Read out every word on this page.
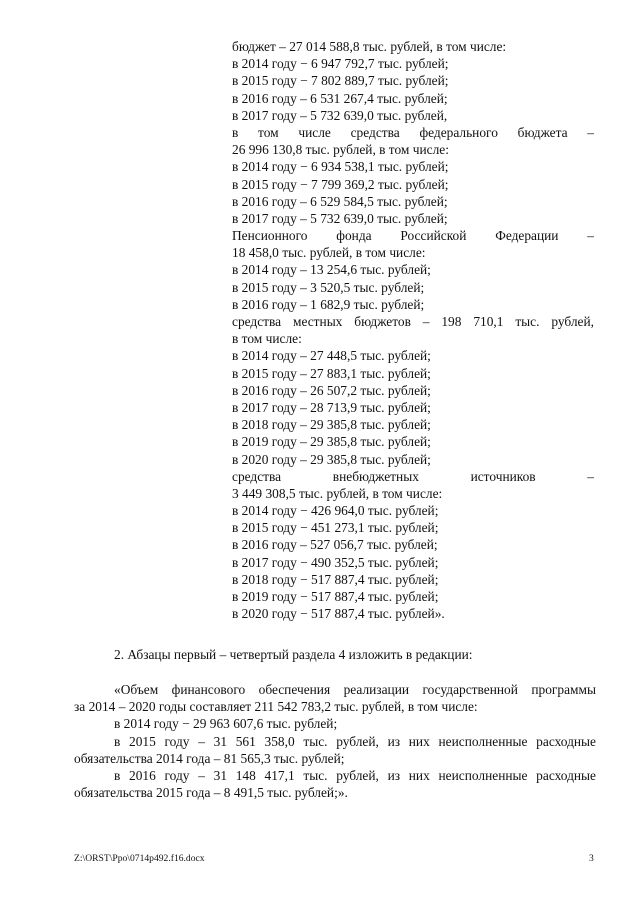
бюджет – 27 014 588,8 тыс. рублей, в том числе:
в 2014 году − 6 947 792,7 тыс. рублей;
в 2015 году − 7 802 889,7 тыс. рублей;
в 2016 году – 6 531 267,4 тыс. рублей;
в 2017 году – 5 732 639,0 тыс. рублей,
в том числе средства федерального бюджета –
26 996 130,8 тыс. рублей, в том числе:
в 2014 году − 6 934 538,1 тыс. рублей;
в 2015 году − 7 799 369,2 тыс. рублей;
в 2016 году – 6 529 584,5 тыс. рублей;
в 2017 году – 5 732 639,0 тыс. рублей;
Пенсионного фонда Российской Федерации –
18 458,0 тыс. рублей, в том числе:
в 2014 году – 13 254,6 тыс. рублей;
в 2015 году – 3 520,5 тыс. рублей;
в 2016 году – 1 682,9 тыс. рублей;
средства местных бюджетов – 198 710,1 тыс. рублей,
в том числе:
в 2014 году – 27 448,5 тыс. рублей;
в 2015 году – 27 883,1 тыс. рублей;
в 2016 году – 26 507,2 тыс. рублей;
в 2017 году – 28 713,9 тыс. рублей;
в 2018 году – 29 385,8 тыс. рублей;
в 2019 году – 29 385,8 тыс. рублей;
в 2020 году – 29 385,8 тыс. рублей;
средства внебюджетных источников –
3 449 308,5 тыс. рублей, в том числе:
в 2014 году − 426 964,0 тыс. рублей;
в 2015 году − 451 273,1 тыс. рублей;
в 2016 году – 527 056,7 тыс. рублей;
в 2017 году − 490 352,5 тыс. рублей;
в 2018 году − 517 887,4 тыс. рублей;
в 2019 году − 517 887,4 тыс. рублей;
в 2020 году − 517 887,4 тыс. рублей».
2. Абзацы первый – четвертый раздела 4 изложить в редакции:
«Объем финансового обеспечения реализации государственной программы
за 2014 – 2020 годы составляет 211 542 783,2 тыс. рублей, в том числе:
в 2014 году − 29 963 607,6 тыс. рублей;
в 2015 году – 31 561 358,0 тыс. рублей, из них неисполненные расходные
обязательства 2014 года – 81 565,3 тыс. рублей;
в 2016 году – 31 148 417,1 тыс. рублей, из них неисполненные расходные
обязательства 2015 года – 8 491,5 тыс. рублей;».
Z:\ORST\Ppo\0714p492.f16.docx	3
